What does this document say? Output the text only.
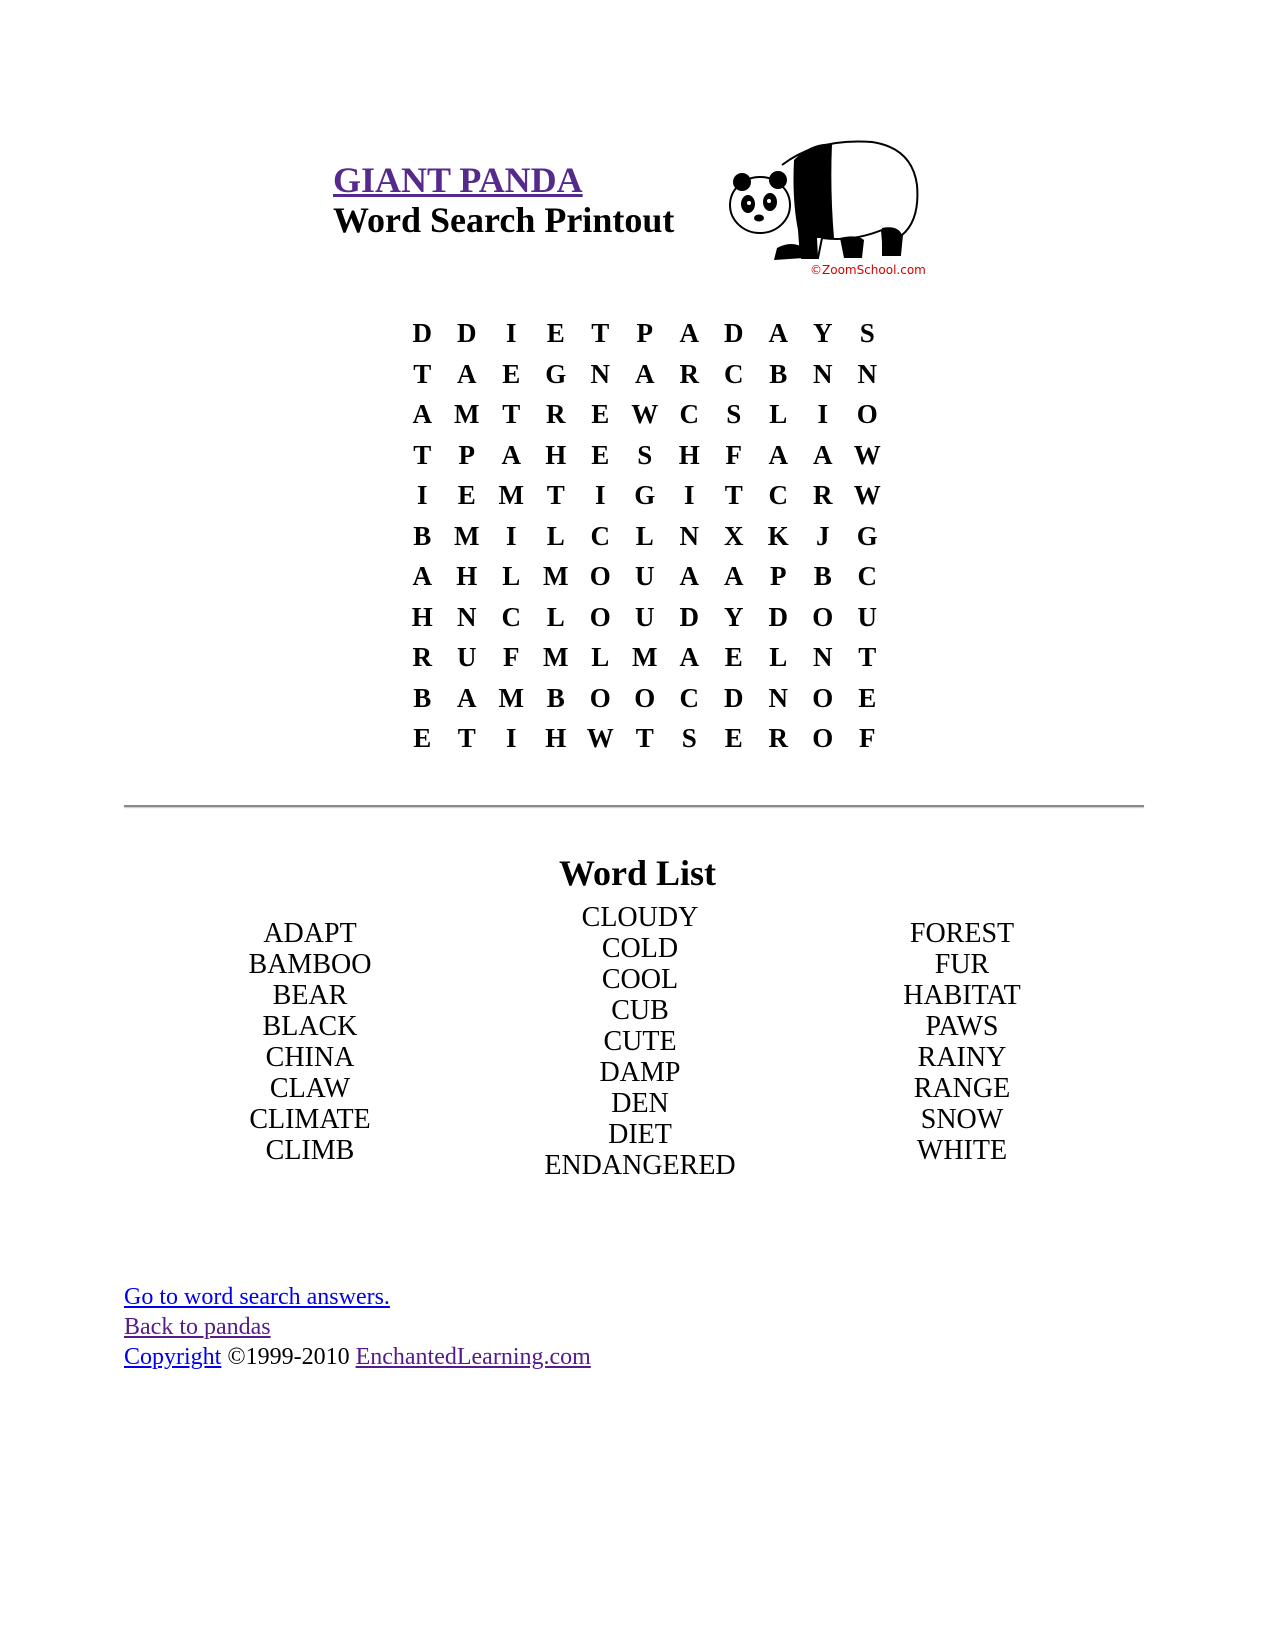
GIANT PANDA
Word Search Printout
©ZoomSchool.com
D D	I	E T	P A D A Y	S
T A E G N A R C B N N
A M T R E W C	S	L	I	O
T	P A H E	S H F A A W
I	E M T	I	G	I	T C R W
B M I	L C L N X K	J	G
A H L M O U A A P	B C
H N C L O U D Y D O U
R U F M L M A E L N T
B A M B O O C D N O E
E T	I	H W T	S	E R O F
Word List
ADAPT
BAMBOO
BEAR
BLACK
CHINA
CLAW
CLIMATE
CLIMB
CLOUDY
COLD
COOL
CUB
CUTE
DAMP
DEN
DIET
ENDANGERED
FOREST
FUR
HABITAT
PAWS
RAINY
RANGE
SNOW
WHITE
Go to word search answers.
Back to pandas
Copyright ©1999-2010 EnchantedLearning.com
